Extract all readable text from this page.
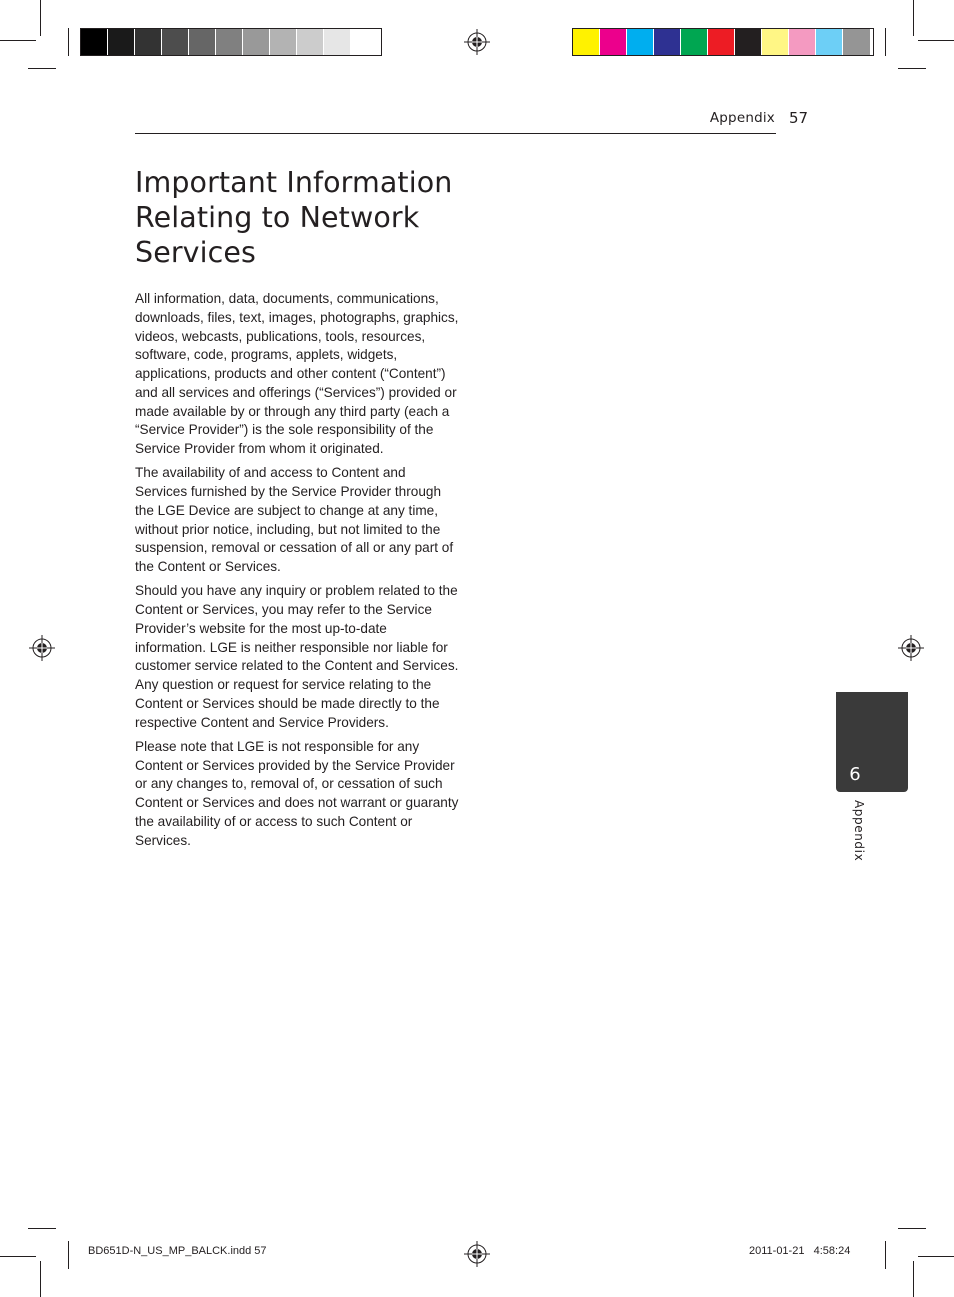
Appendix 57
Important Information Relating to Network Services

All information, data, documents, communications, downloads, files, text, images, photographs, graphics, videos, webcasts, publications, tools, resources, software, code, programs, applets, widgets, applications, products and other content (“Content”) and all services and offerings (“Services”) provided or made available by or through any third party (each a “Service Provider”) is the sole responsibility of the Service Provider from whom it originated.

The availability of and access to Content and Services furnished by the Service Provider through the LGE Device are subject to change at any time, without prior notice, including, but not limited to the suspension, removal or cessation of all or any part of the Content or Services.

Should you have any inquiry or problem related to the Content or Services, you may refer to the Service Provider’s website for the most up-to-date information. LGE is neither responsible nor liable for customer service related to the Content and Services. Any question or request for service relating to the Content or Services should be made directly to the respective Content and Service Providers.

Please note that LGE is not responsible for any Content or Services provided by the Service Provider or any changes to, removal of, or cessation of such Content or Services and does not warrant or guaranty the availability of or access to such Content or Services.

6
Appendix
BD651D-N_US_MP_BALCK.indd 57	2011-01-21   4:58:24
